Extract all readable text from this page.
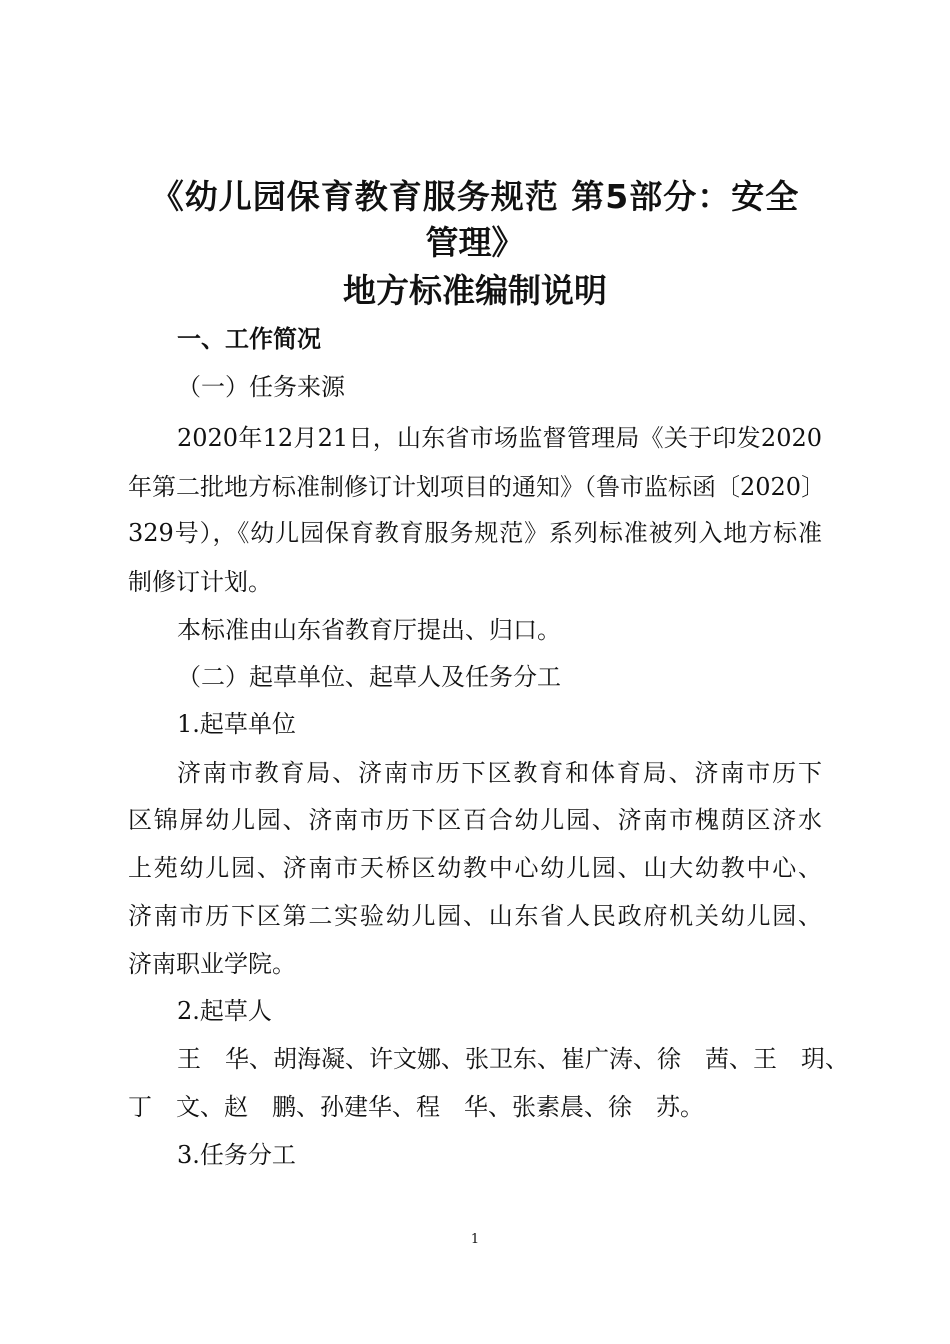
《幼儿园保育教育服务规范 第5部分：安全
管理》
地方标准编制说明

一、工作简况

（一）任务来源

2020年12月21日，山东省市场监督管理局《关于印发2020

年第二批地方标准制修订计划项目的通知》（鲁市监标函〔2020〕

329号），《幼儿园保育教育服务规范》系列标准被列入地方标准

制修订计划。

本标准由山东省教育厅提出、归口。

（二）起草单位、起草人及任务分工

1.起草单位

济南市教育局、济南市历下区教育和体育局、济南市历下

区锦屏幼儿园、济南市历下区百合幼儿园、济南市槐荫区济水

上苑幼儿园、济南市天桥区幼教中心幼儿园、山大幼教中心、

济南市历下区第二实验幼儿园、山东省人民政府机关幼儿园、

济南职业学院。

2.起草人

王　华、胡海凝、许文娜、张卫东、崔广涛、徐　茜、王　玥、

丁　文、赵　鹏、孙建华、程　华、张素晨、徐　苏。

3.任务分工

1
